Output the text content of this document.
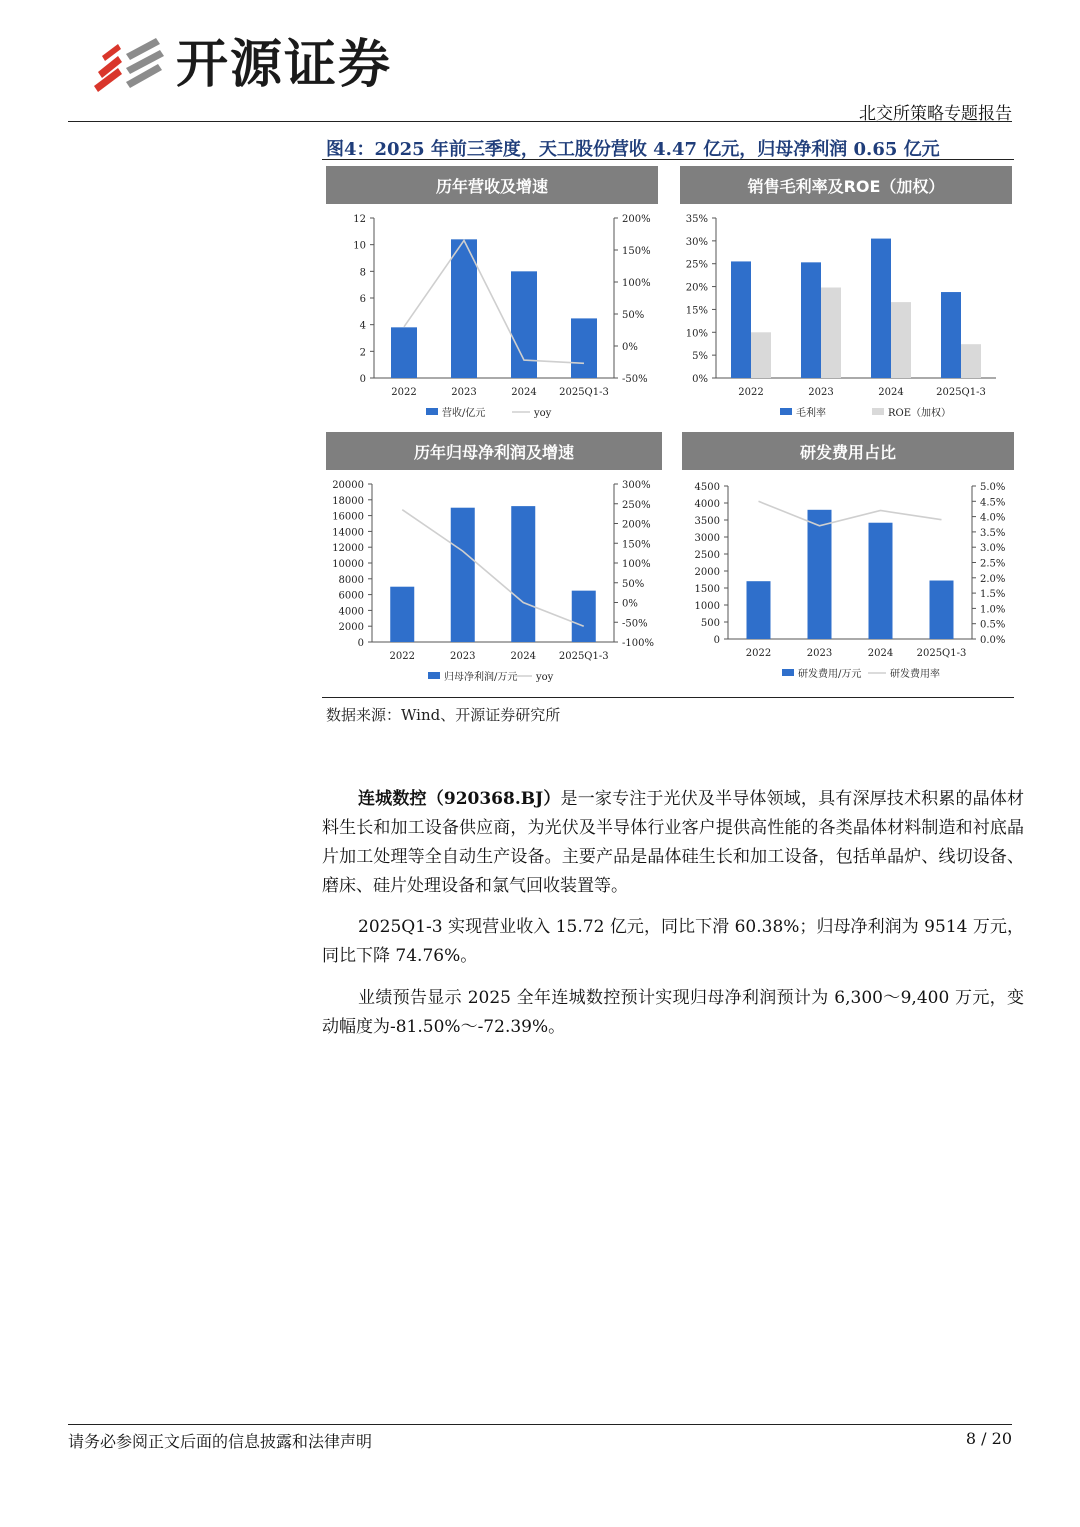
开源证券
北交所策略专题报告
图4：2025 年前三季度，天工股份营收 4.47 亿元，归母净利润 0.65 亿元
历年营收及增速
0
2
4
6
8
10
12
-50%
0%
50%
100%
150%
200%
2022	2023	2024 2025Q1-3
营收/亿元	yoy
销售毛利率及ROE（加权）
0%
5%
10%
15%
20%
25%
30%
35%
2022	2023	2024	2025Q1-3
毛利率	ROE（加权）
历年归母净利润及增速
0
2000
4000
6000
8000
10000
12000
14000
16000
18000
20000
-100%
-50%
0%
50%
100%
150%
200%
250%
300%
2022	2023	2024 2025Q1-3
归母净利润/万元 yoy
研发费用占比
0
500
1000
1500
2000
2500
3000
3500
4000
4500
0.0%
0.5%
1.0%
1.5%
2.0%
2.5%
3.0%
3.5%
4.0%
4.5%
5.0%
2022	2023	2024 2025Q1-3
研发费用/万元	研发费用率
数据来源：Wind、开源证券研究所
连城数控（920368.BJ）是一家专注于光伏及半导体领域，具有深厚技术积累的晶体材料生长和加工设备供应商，为光伏及半导体行业客户提供高性能的各类晶体材料制造和衬底晶片加工处理等全自动生产设备。主要产品是晶体硅生长和加工设备，包括单晶炉、线切设备、磨床、硅片处理设备和氯气回收装置等。
2025Q1-3 实现营业收入 15.72 亿元，同比下滑 60.38%；归母净利润为 9514 万元，同比下降 74.76%。
业绩预告显示 2025 全年连城数控预计实现归母净利润预计为 6,300～9,400 万元，变动幅度为-81.50%～-72.39%。
请务必参阅正文后面的信息披露和法律声明	8 / 20
